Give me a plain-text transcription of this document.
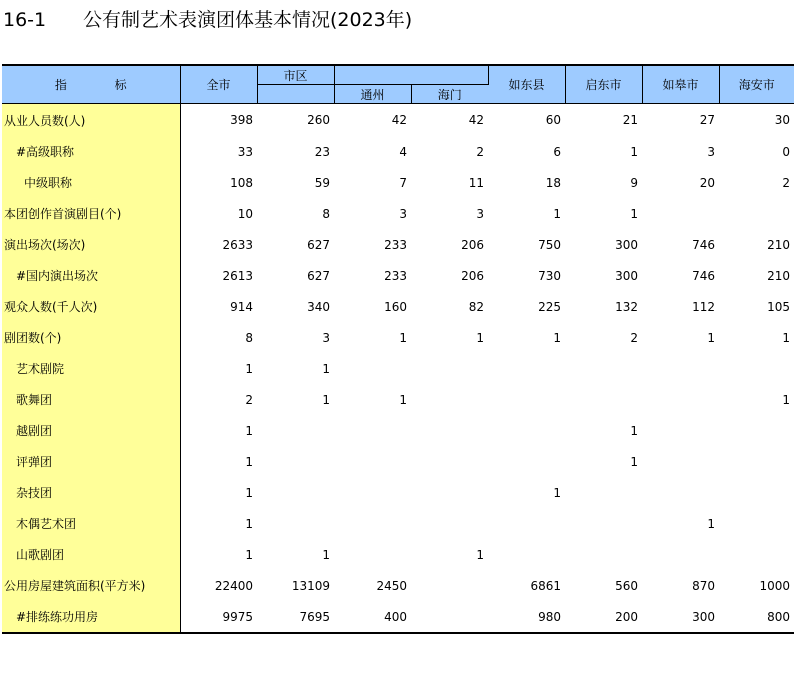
16-1 公有制艺术表演团体基本情况(2023年)
指 标	全市	市区			如东县	启东市	如皋市	海安市
			通州	海门				
从业人员数(人)	398	260	42	42	60	21	27	30
#高级职称	33	23	4	2	6	1	3	0
中级职称	108	59	7	11	18	9	20	2
本团创作首演剧目(个)	10	8	3	3	1	1		
演出场次(场次)	2633	627	233	206	750	300	746	210
#国内演出场次	2613	627	233	206	730	300	746	210
观众人数(千人次)	914	340	160	82	225	132	112	105
剧团数(个)	8	3	1	1	1	2	1	1
艺术剧院	1	1						
歌舞团	2	1	1					1
越剧团	1					1		
评弹团	1					1		
杂技团	1				1			
木偶艺术团	1						1	
山歌剧团	1	1		1				
公用房屋建筑面积(平方米)	22400	13109	2450		6861	560	870	1000
#排练练功用房	9975	7695	400		980	200	300	800
